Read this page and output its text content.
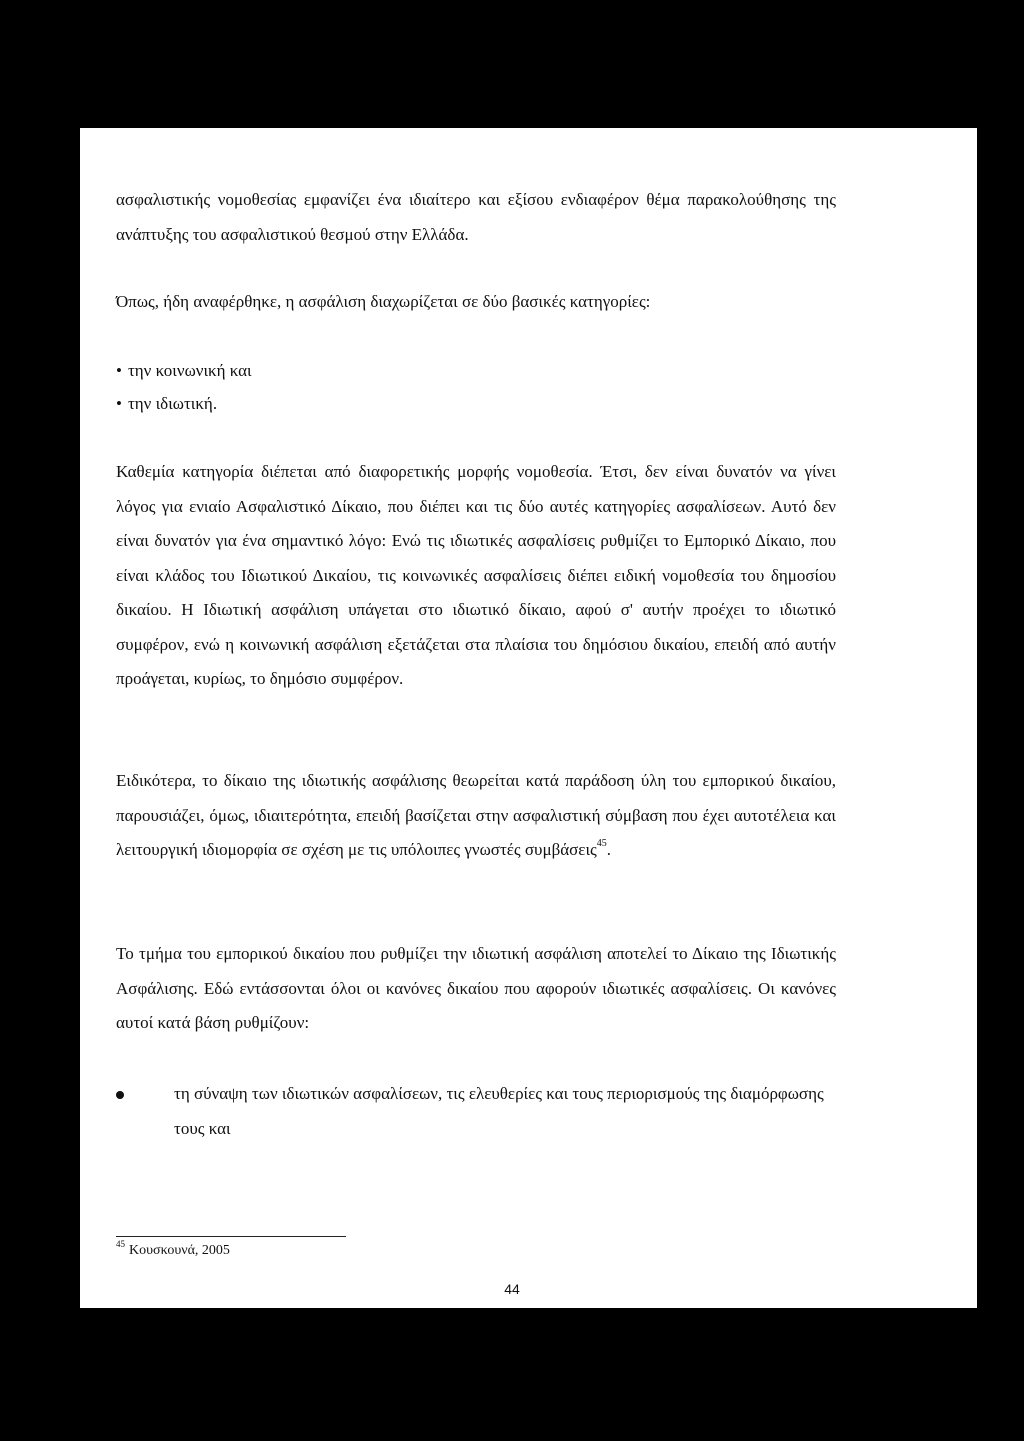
ασφαλιστικής νομοθεσίας εμφανίζει ένα ιδιαίτερο και εξίσου ενδιαφέρον θέμα παρακολούθησης της ανάπτυξης του ασφαλιστικού θεσμού στην Ελλάδα.

Όπως, ήδη αναφέρθηκε, η ασφάλιση διαχωρίζεται σε δύο βασικές κατηγορίες:

• την κοινωνική και

• την ιδιωτική.

Καθεμία κατηγορία διέπεται από διαφορετικής μορφής νομοθεσία. Έτσι, δεν είναι δυνατόν να γίνει λόγος για ενιαίο Ασφαλιστικό Δίκαιο, που διέπει και τις δύο αυτές κατηγορίες ασφαλίσεων. Αυτό δεν είναι δυνατόν για ένα σημαντικό λόγο: Ενώ τις ιδιωτικές ασφαλίσεις ρυθμίζει το Εμπορικό Δίκαιο, που είναι κλάδος του Ιδιωτικού Δικαίου, τις κοινωνικές ασφαλίσεις διέπει ειδική νομοθεσία του δημοσίου δικαίου. Η Ιδιωτική ασφάλιση υπάγεται στο ιδιωτικό δίκαιο, αφού σ' αυτήν προέχει το ιδιωτικό συμφέρον, ενώ η κοινωνική ασφάλιση εξετάζεται στα πλαίσια του δημόσιου δικαίου, επειδή από αυτήν προάγεται, κυρίως, το δημόσιο συμφέρον.

Ειδικότερα, το δίκαιο της ιδιωτικής ασφάλισης θεωρείται κατά παράδοση ύλη του εμπορικού δικαίου, παρουσιάζει, όμως, ιδιαιτερότητα, επειδή βασίζεται στην ασφαλιστική σύμβαση που έχει αυτοτέλεια και λειτουργική ιδιομορφία σε σχέση με τις υπόλοιπες γνωστές συμβάσεις$^{45}$.

Το τμήμα του εμπορικού δικαίου που ρυθμίζει την ιδιωτική ασφάλιση αποτελεί το Δίκαιο της Ιδιωτικής Ασφάλισης. Εδώ εντάσσονται όλοι οι κανόνες δικαίου που αφορούν ιδιωτικές ασφαλίσεις. Οι κανόνες αυτοί κατά βάση ρυθμίζουν:

τη σύναψη των ιδιωτικών ασφαλίσεων, τις ελευθερίες και τους περιορισμούς της διαμόρφωσης τους και

$^{45}$ Κουσκουνά, 2005

44
